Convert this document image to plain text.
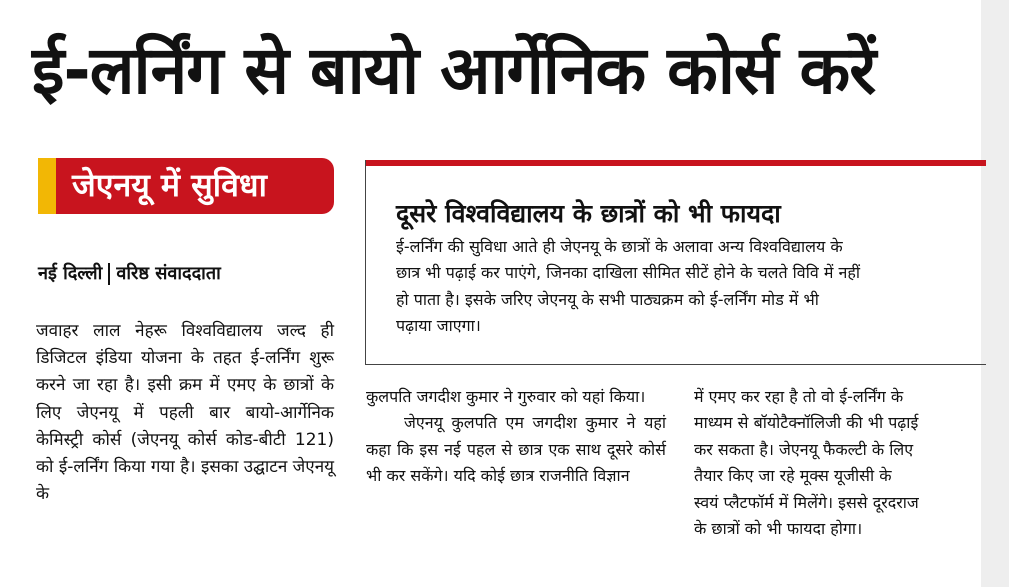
ई-लर्निंग से बायो आर्गेनिक कोर्स करें
जेएनयू में सुविधा
नई दिल्ली वरिष्ठ संवाददाता

जवाहर लाल नेहरू विश्वविद्यालय जल्द ही डिजिटल इंडिया योजना के तहत ई-लर्निंग शुरू करने जा रहा है। इसी क्रम में एमए के छात्रों के लिए जेएनयू में पहली बार बायो-आर्गेनिक केमिस्ट्री कोर्स (जेएनयू कोर्स कोड-बीटी 121) को ई-लर्निंग किया गया है। इसका उद्घाटन जेएनयू के

दूसरे विश्वविद्यालय के छात्रों को भी फायदा
ई-लर्निंग की सुविधा आते ही जेएनयू के छात्रों के अलावा अन्य विश्वविद्यालय के
छात्र भी पढ़ाई कर पाएंगे, जिनका दाखिला सीमित सीटें होने के चलते विवि में नहीं
हो पाता है। इसके जरिए जेएनयू के सभी पाठ्यक्रम को ई-लर्निंग मोड में भी
पढ़ाया जाएगा।

कुलपति जगदीश कुमार ने गुरुवार को यहां किया।

जेएनयू कुलपति एम जगदीश कुमार ने यहां कहा कि इस नई पहल से छात्र एक साथ दूसरे कोर्स भी कर सकेंगे। यदि कोई छात्र राजनीति विज्ञान

में एमए कर रहा है तो वो ई-लर्निंग के
माध्यम से बॉयोटैक्नॉलिजी की भी पढ़ाई
कर सकता है। जेएनयू फैकल्टी के लिए
तैयार किए जा रहे मूक्स यूजीसी के
स्वयं प्लैटफॉर्म में मिलेंगे। इससे दूरदराज
के छात्रों को भी फायदा होगा।
